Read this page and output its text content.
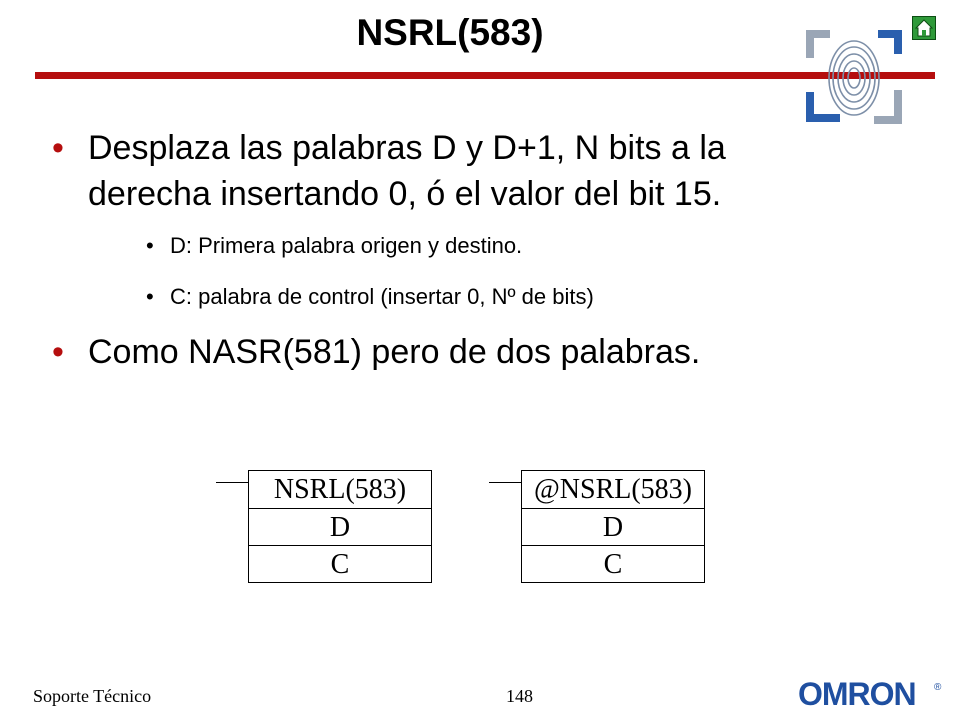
NSRL(583)
• Desplaza las palabras D y D+1, N bits a la
derecha insertando 0, ó el valor del bit 15.
• D: Primera palabra origen y destino.
• C: palabra de control (insertar 0, Nº de bits)
• Como NASR(581) pero de dos palabras.
NSRL(583)
D
C
@NSRL(583)
D
C
Soporte Técnico	148	OMRON ®
